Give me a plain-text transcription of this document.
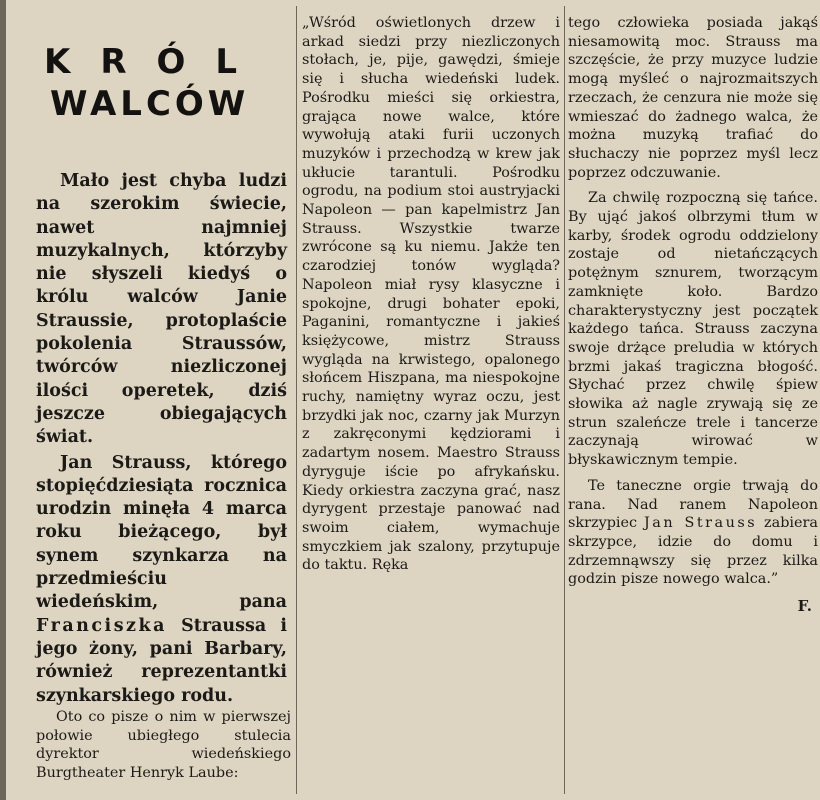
KRÓL
WALCÓW

Mało jest chyba ludzi na szerokim świecie, nawet najmniej muzykalnych, którzyby nie słyszeli kiedyś o królu walców Janie Straussie, protoplaście pokolenia Straussów, twórców niezliczonej ilości operetek, dziś jeszcze obiegających świat.

Jan Strauss, którego stopięćdziesiąta rocznica urodzin minęła 4 marca roku bieżącego, był synem szynkarza na przedmieściu wiedeńskim, pana Franciszka Straussa i jego żony, pani Barbary, również reprezentantki szynkarskiego rodu.

Oto co pisze o nim w pierwszej połowie ubiegłego stulecia dyrektor wiedeńskiego Burgtheater Henryk Laube:

„Wśród oświetlonych drzew i arkad siedzi przy niezliczonych stołach, je, pije, gawędzi, śmieje się i słucha wiedeński ludek. Pośrodku mieści się orkiestra, grająca nowe walce, które wywołują ataki furii uczonych muzyków i przechodzą w krew jak ukłucie tarantuli. Pośrodku ogrodu, na podium stoi austryjacki Napoleon — pan kapelmistrz Jan Strauss. Wszystkie twarze zwrócone są ku niemu. Jakże ten czarodziej tonów wygląda? Napoleon miał rysy klasyczne i spokojne, drugi bohater epoki, Paganini, romantyczne i jakieś księżycowe, mistrz Strauss wygląda na krwistego, opalonego słońcem Hiszpana, ma niespokojne ruchy, namiętny wyraz oczu, jest brzydki jak noc, czarny jak Murzyn z zakręconymi kędziorami i zadartym nosem. Maestro Strauss dyryguje iście po afrykańsku. Kiedy orkiestra zaczyna grać, nasz dyrygent przestaje panować nad swoim ciałem, wymachuje smyczkiem jak szalony, przytupuje do taktu. Ręka

tego człowieka posiada jakąś niesamowitą moc. Strauss ma szczęście, że przy muzyce ludzie mogą myśleć o najrozmaitszych rzeczach, że cenzura nie może się wmieszać do żadnego walca, że można muzyką trafiać do słuchaczy nie poprzez myśl lecz poprzez odczuwanie.

Za chwilę rozpoczną się tańce. By ująć jakoś olbrzymi tłum w karby, środek ogrodu oddzielony zostaje od nietańczących potężnym sznurem, tworzącym zamknięte koło. Bardzo charakterystyczny jest początek każdego tańca. Strauss zaczyna swoje drżące preludia w których brzmi jakaś tragiczna błogość. Słychać przez chwilę śpiew słowika aż nagle zrywają się ze strun szaleńcze trele i tancerze zaczynają wirować w błyskawicznym tempie.

Te taneczne orgie trwają do rana. Nad ranem Napoleon skrzypiec Jan Strauss zabiera skrzypce, idzie do domu i zdrzemnąwszy się przez kilka godzin pisze nowego walca.”

F.
